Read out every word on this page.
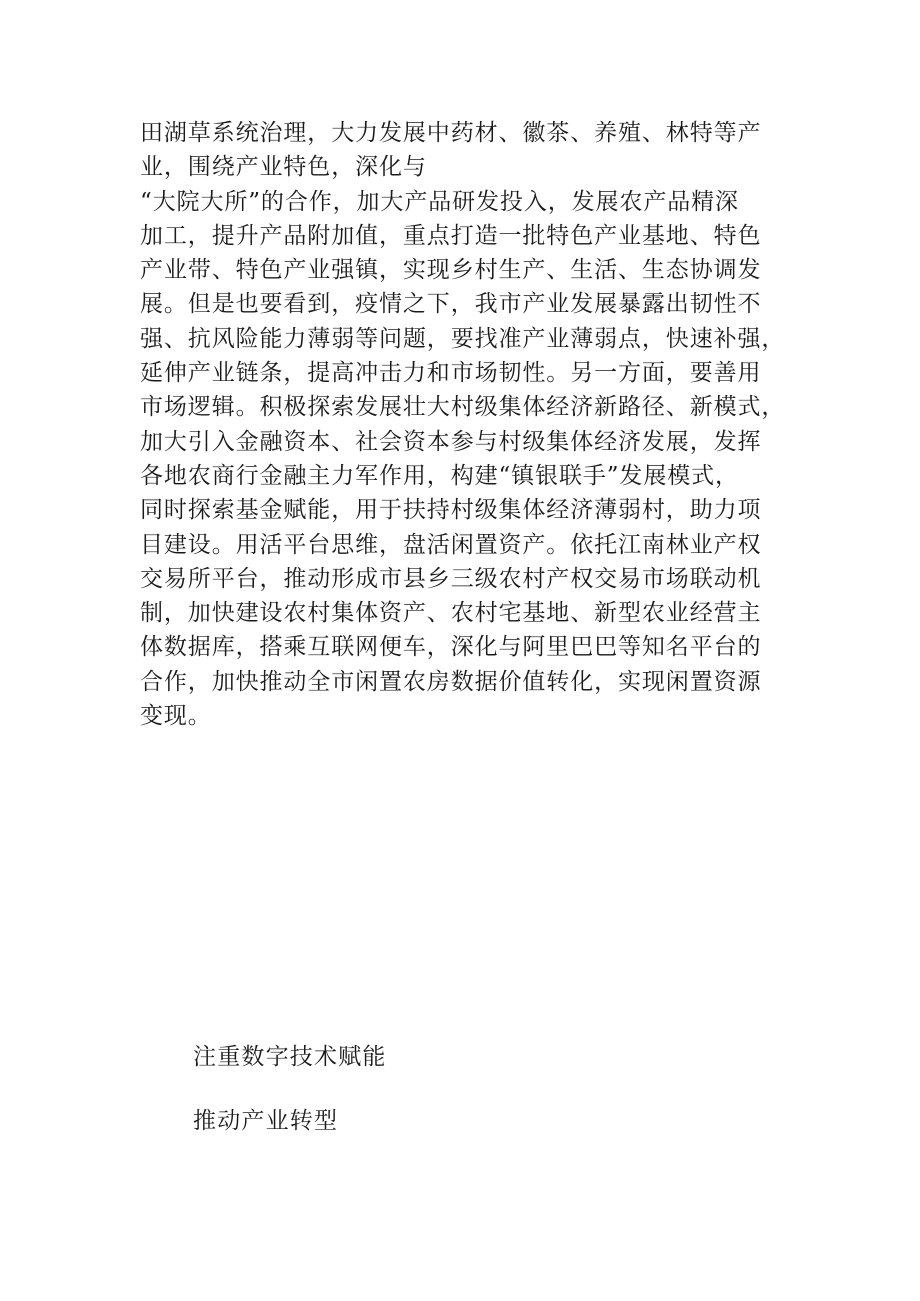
田湖草系统治理，大力发展中药材、徽茶、养殖、林特等产
业，围绕产业特色，深化与
“大院大所”的合作，加大产品研发投入，发展农产品精深
加工，提升产品附加值，重点打造一批特色产业基地、特色
产业带、特色产业强镇，实现乡村生产、生活、生态协调发
展。但是也要看到，疫情之下，我市产业发展暴露出韧性不
强、抗风险能力薄弱等问题，要找准产业薄弱点，快速补强，
延伸产业链条，提高冲击力和市场韧性。另一方面，要善用
市场逻辑。积极探索发展壮大村级集体经济新路径、新模式，
加大引入金融资本、社会资本参与村级集体经济发展，发挥
各地农商行金融主力军作用，构建“镇银联手”发展模式，
同时探索基金赋能，用于扶持村级集体经济薄弱村，助力项
目建设。用活平台思维，盘活闲置资产。依托江南林业产权
交易所平台，推动形成市县乡三级农村产权交易市场联动机
制，加快建设农村集体资产、农村宅基地、新型农业经营主
体数据库，搭乘互联网便车，深化与阿里巴巴等知名平台的
合作，加快推动全市闲置农房数据价值转化，实现闲置资源
变现。
注重数字技术赋能
推动产业转型
